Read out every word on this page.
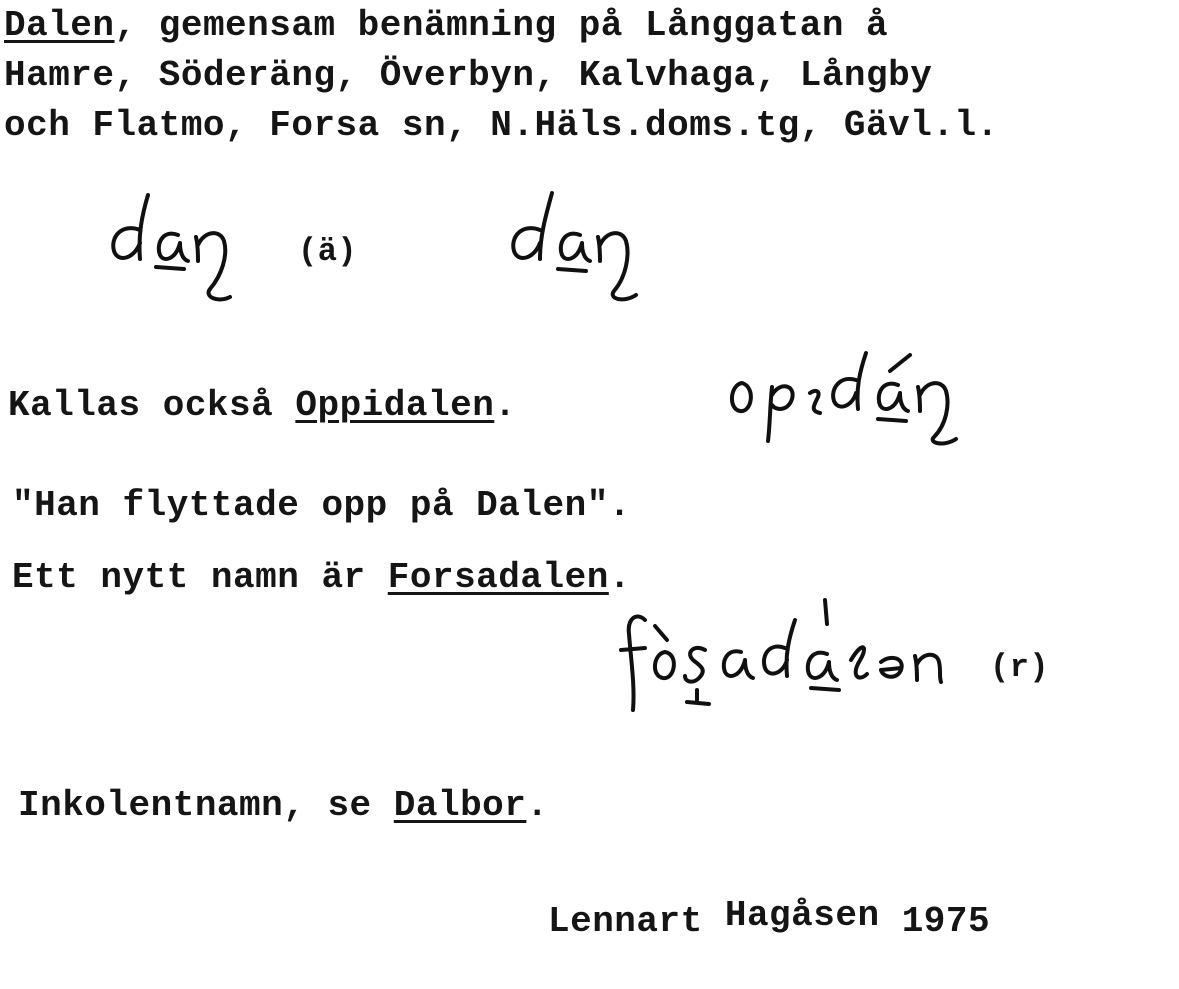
Dalen, gemensam benämning på Långgatan å
Hamre, Söderäng, Överbyn, Kalvhaga, Långby
och Flatmo, Forsa sn, N.Häls.doms.tg, Gävl.l.
(ä)
Kallas också Oppidalen.
"Han flyttade opp på Dalen".
Ett nytt namn är Forsadalen.
(r)
Inkolentnamn, se Dalbor.
Lennart Hagåsen 1975
